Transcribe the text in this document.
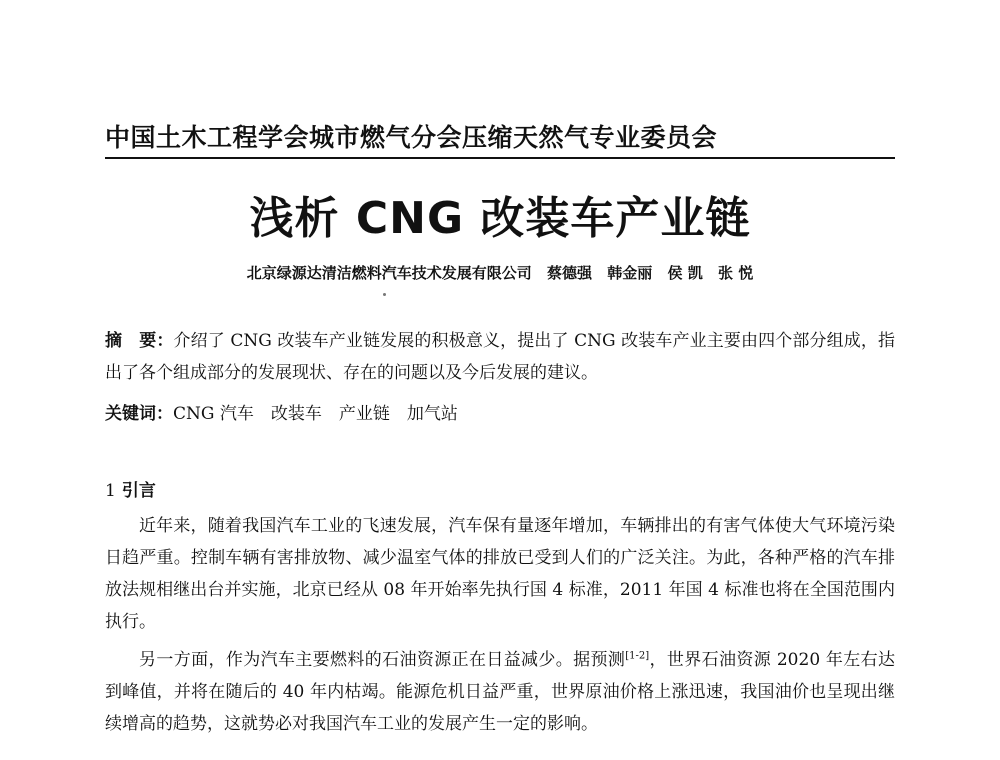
中国土木工程学会城市燃气分会压缩天然气专业委员会
浅析 CNG 改装车产业链
北京绿源达清洁燃料汽车技术发展有限公司 蔡德强 韩金丽 侯 凯 张 悦
摘　要：介绍了 CNG 改装车产业链发展的积极意义，提出了 CNG 改装车产业主要由四个部分组成，指出了各个组成部分的发展现状、存在的问题以及今后发展的建议。
关键词：CNG 汽车　改装车　产业链　加气站
1 引言

近年来，随着我国汽车工业的飞速发展，汽车保有量逐年增加，车辆排出的有害气体使大气环境污染日趋严重。控制车辆有害排放物、减少温室气体的排放已受到人们的广泛关注。为此，各种严格的汽车排放法规相继出台并实施，北京已经从 08 年开始率先执行国 4 标准，2011 年国 4 标准也将在全国范围内执行。

另一方面，作为汽车主要燃料的石油资源正在日益减少。据预测[1-2]，世界石油资源 2020 年左右达到峰值，并将在随后的 40 年内枯竭。能源危机日益严重，世界原油价格上涨迅速，我国油价也呈现出继续增高的趋势，这就势必对我国汽车工业的发展产生一定的影响。
